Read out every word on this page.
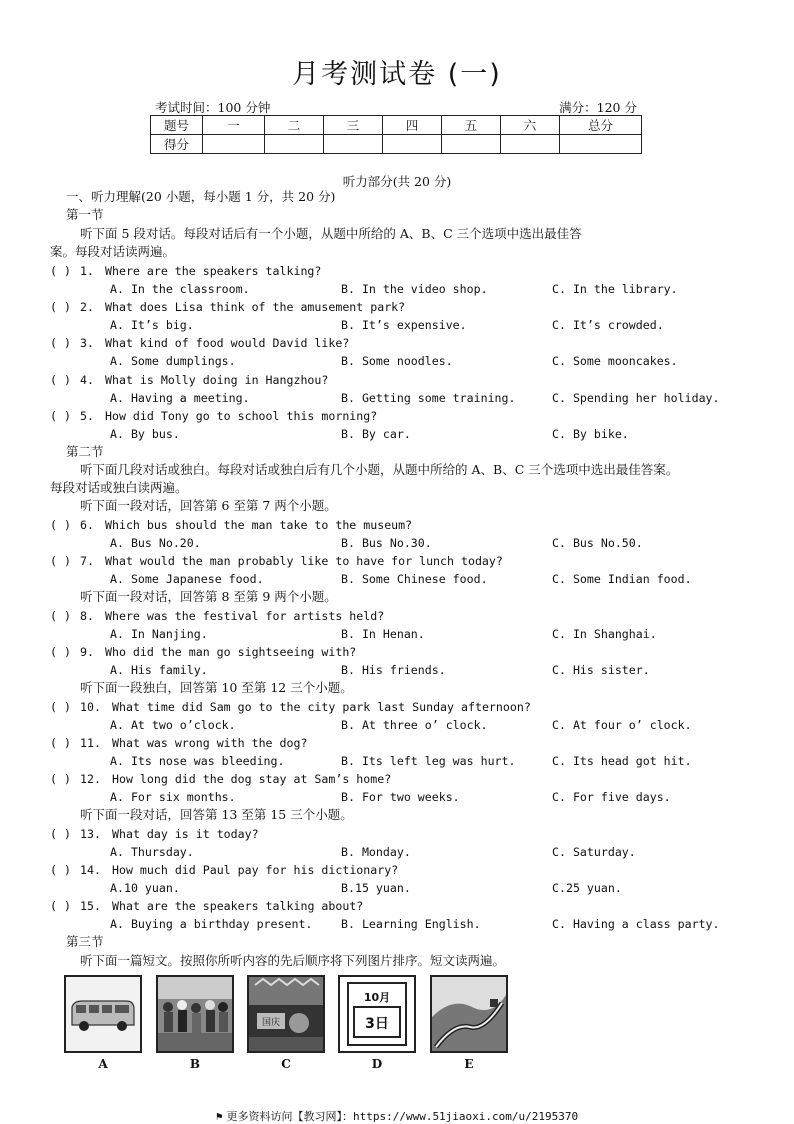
月考测试卷 (一)
考试时间：100 分钟	满分：120 分
题号	一	二	三	四	五	六	总分
得分							
听力部分(共 20 分)
一、听力理解(20 小题，每小题 1 分，共 20 分)
第一节
听下面 5 段对话。每段对话后有一个小题，从题中所给的 A、B、C 三个选项中选出最佳答
案。每段对话读两遍。
第二节
听下面几段对话或独白。每段对话或独白后有几个小题，从题中所给的 A、B、C 三个选项中选出最佳答案。
每段对话或独白读两遍。
听下面一段对话，回答第 6 至第 7 两个小题。
听下面一段对话，回答第 8 至第 9 两个小题。
听下面一段独白，回答第 10 至第 12 三个小题。
听下面一段对话，回答第 13 至第 15 三个小题。
第三节
听下面一篇短文。按照你所听内容的先后顺序将下列图片排序。短文读两遍。
( ) 1. Where are the speakers talking?
A. In the classroom.	B. In the video shop.	C. In the library.
( ) 2. What does Lisa think of the amusement park?
A. It’s big.	B. It’s expensive.	C. It’s crowded.
( ) 3. What kind of food would David like?
A. Some dumplings.	B. Some noodles.	C. Some mooncakes.
( ) 4. What is Molly doing in Hangzhou?
A. Having a meeting.	B. Getting some training.	C. Spending her holiday.
( ) 5. How did Tony go to school this morning?
A. By bus.	B. By car.	C. By bike.
( ) 6. Which bus should the man take to the museum?
A. Bus No.20.	B. Bus No.30.	C. Bus No.50.
( ) 7. What would the man probably like to have for lunch today?
A. Some Japanese food.	B. Some Chinese food.	C. Some Indian food.
( ) 8. Where was the festival for artists held?
A. In Nanjing.	B. In Henan.	C. In Shanghai.
( ) 9. Who did the man go sightseeing with?
A. His family.	B. His friends.	C. His sister.
( ) 10. What time did Sam go to the city park last Sunday afternoon?
A. At two o’clock.	B. At three o’ clock.	C. At four o’ clock.
( ) 11. What was wrong with the dog?
A. Its nose was bleeding.	B. Its left leg was hurt.	C. Its head got hit.
( ) 12. How long did the dog stay at Sam’s home?
A. For six months.	B. For two weeks.	C. For five days.
( ) 13. What day is it today?
A. Thursday.	B. Monday.	C. Saturday.
( ) 14. How much did Paul pay for his dictionary?
A.10 yuan.	B.15 yuan.	C.25 yuan.
( ) 15. What are the speakers talking about?
A. Buying a birthday present. B. Learning English.	C. Having a class party.
国庆
10月
3日
A	B	C	D	E
⚑ 更多资料访问【教习网】：https://www.51jiaoxi.com/u/2195370
